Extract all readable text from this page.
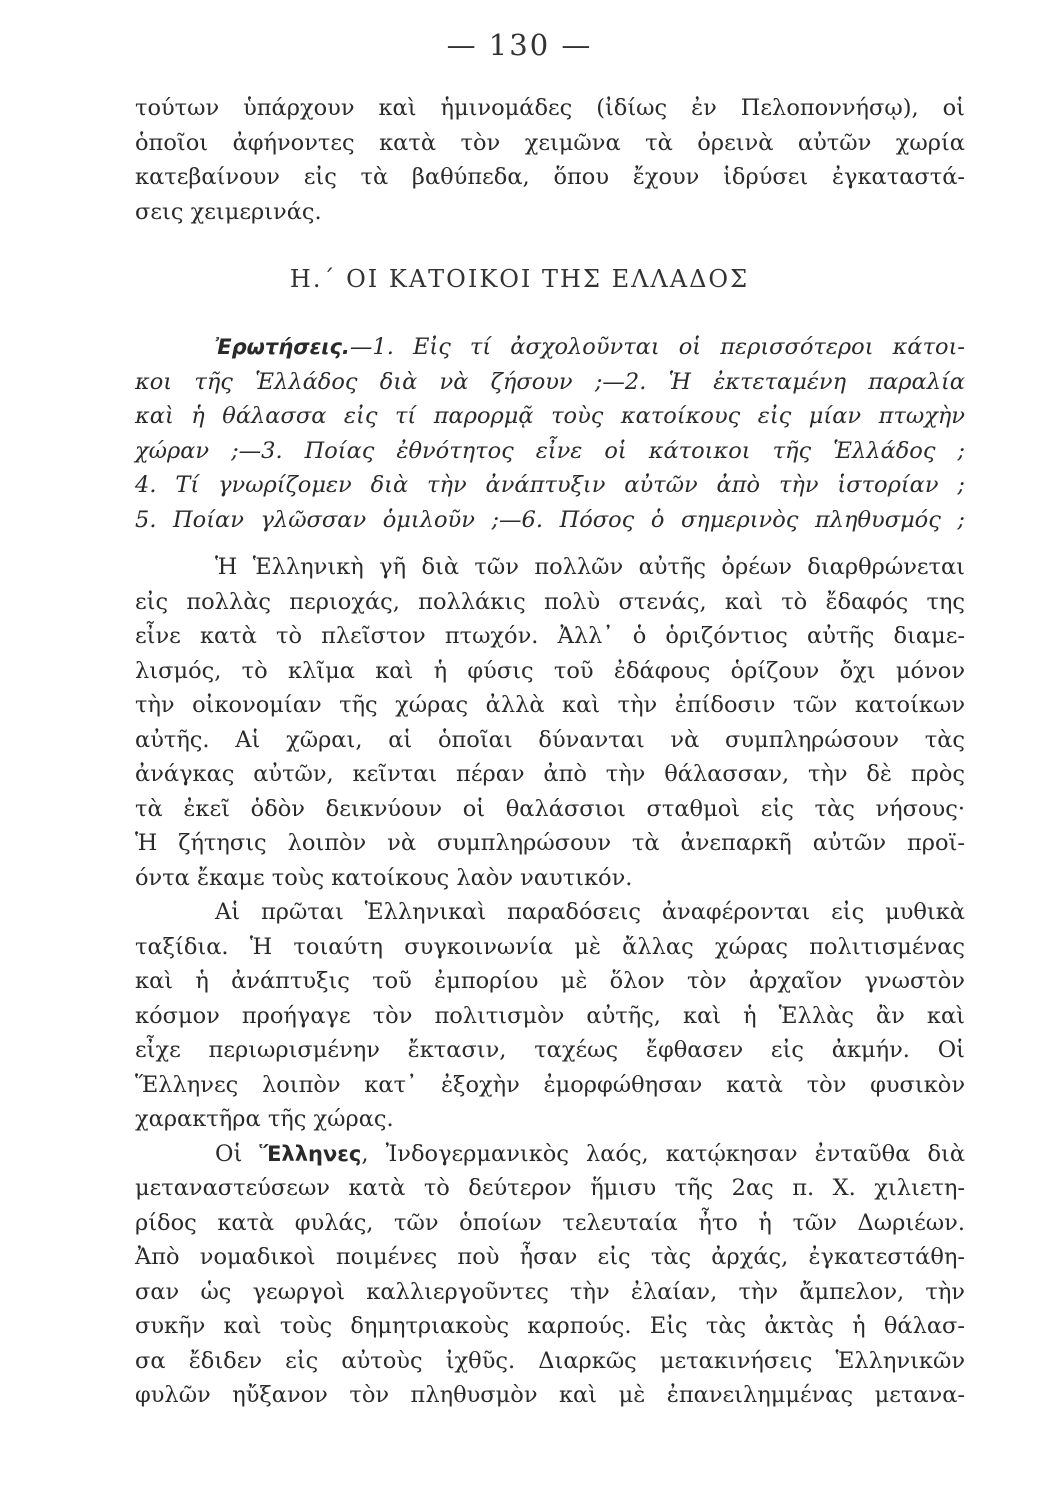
— 130 —
τούτων ὑπάρχουν καὶ ἡμινομάδες (ἰδίως ἐν Πελοποννήσῳ), οἱ
ὁποῖοι ἀφήνοντες κατὰ τὸν χειμῶνα τὰ ὀρεινὰ αὐτῶν χωρία
κατεβαίνουν εἰς τὰ βαθύπεδα, ὅπου ἔχουν ἱδρύσει ἐγκαταστά-
σεις χειμερινάς.
Η.΄ ΟΙ ΚΑΤΟΙΚΟΙ ΤΗΣ ΕΛΛΑΔΟΣ
Ἐρωτήσεις.—1. Εἰς τί ἀσχολοῦνται οἱ περισσότεροι κάτοι-
κοι τῆς Ἑλλάδος διὰ νὰ ζήσουν ;—2. Ἡ ἐκτεταμένη παραλία
καὶ ἡ θάλασσα εἰς τί παρορμᾷ τοὺς κατοίκους εἰς μίαν πτωχὴν
χώραν ;—3. Ποίας ἐθνότητος εἶνε οἱ κάτοικοι τῆς Ἑλλάδος ;
4. Τί γνωρίζομεν διὰ τὴν ἀνάπτυξιν αὐτῶν ἀπὸ τὴν ἱστορίαν ;
5. Ποίαν γλῶσσαν ὁμιλοῦν ;—6. Πόσος ὁ σημερινὸς πληθυσμός ;
Ἡ Ἑλληνικὴ γῆ διὰ τῶν πολλῶν αὐτῆς ὀρέων διαρθρώνεται
εἰς πολλὰς περιοχάς, πολλάκις πολὺ στενάς, καὶ τὸ ἔδαφός της
εἶνε κατὰ τὸ πλεῖστον πτωχόν. Ἀλλ᾽ ὁ ὁριζόντιος αὐτῆς διαμε-
λισμός, τὸ κλῖμα καὶ ἡ φύσις τοῦ ἐδάφους ὁρίζουν ὄχι μόνον
τὴν οἰκονομίαν τῆς χώρας ἀλλὰ καὶ τὴν ἐπίδοσιν τῶν κατοίκων
αὐτῆς. Αἱ χῶραι, αἱ ὁποῖαι δύνανται νὰ συμπληρώσουν τὰς
ἀνάγκας αὐτῶν, κεῖνται πέραν ἀπὸ τὴν θάλασσαν, τὴν δὲ πρὸς
τὰ ἐκεῖ ὁδὸν δεικνύουν οἱ θαλάσσιοι σταθμοὶ εἰς τὰς νήσους·
Ἡ ζήτησις λοιπὸν νὰ συμπληρώσουν τὰ ἀνεπαρκῆ αὐτῶν προϊ-
όντα ἔκαμε τοὺς κατοίκους λαὸν ναυτικόν.
Αἱ πρῶται Ἑλληνικαὶ παραδόσεις ἀναφέρονται εἰς μυθικὰ
ταξίδια. Ἡ τοιαύτη συγκοινωνία μὲ ἄλλας χώρας πολιτισμένας
καὶ ἡ ἀνάπτυξις τοῦ ἐμπορίου μὲ ὅλον τὸν ἀρχαῖον γνωστὸν
κόσμον προήγαγε τὸν πολιτισμὸν αὐτῆς, καὶ ἡ Ἑλλὰς ἂν καὶ
εἶχε περιωρισμένην ἔκτασιν, ταχέως ἔφθασεν εἰς ἀκμήν. Οἱ
Ἕλληνες λοιπὸν κατ᾽ ἐξοχὴν ἐμορφώθησαν κατὰ τὸν φυσικὸν
χαρακτῆρα τῆς χώρας.
Οἱ Ἕλληνες, Ἰνδογερμανικὸς λαός, κατῴκησαν ἐνταῦθα διὰ
μεταναστεύσεων κατὰ τὸ δεύτερον ἥμισυ τῆς 2ας π. Χ. χιλιετη-
ρίδος κατὰ φυλάς, τῶν ὁποίων τελευταία ἦτο ἡ τῶν Δωριέων.
Ἀπὸ νομαδικοὶ ποιμένες ποὺ ἦσαν εἰς τὰς ἀρχάς, ἐγκατεστάθη-
σαν ὡς γεωργοὶ καλλιεργοῦντες τὴν ἐλαίαν, τὴν ἄμπελον, τὴν
συκῆν καὶ τοὺς δημητριακοὺς καρπούς. Εἰς τὰς ἀκτὰς ἡ θάλασ-
σα ἔδιδεν εἰς αὐτοὺς ἰχθῦς. Διαρκῶς μετακινήσεις Ἑλληνικῶν
φυλῶν ηὔξανον τὸν πληθυσμὸν καὶ μὲ ἐπανειλημμένας μετανα-
